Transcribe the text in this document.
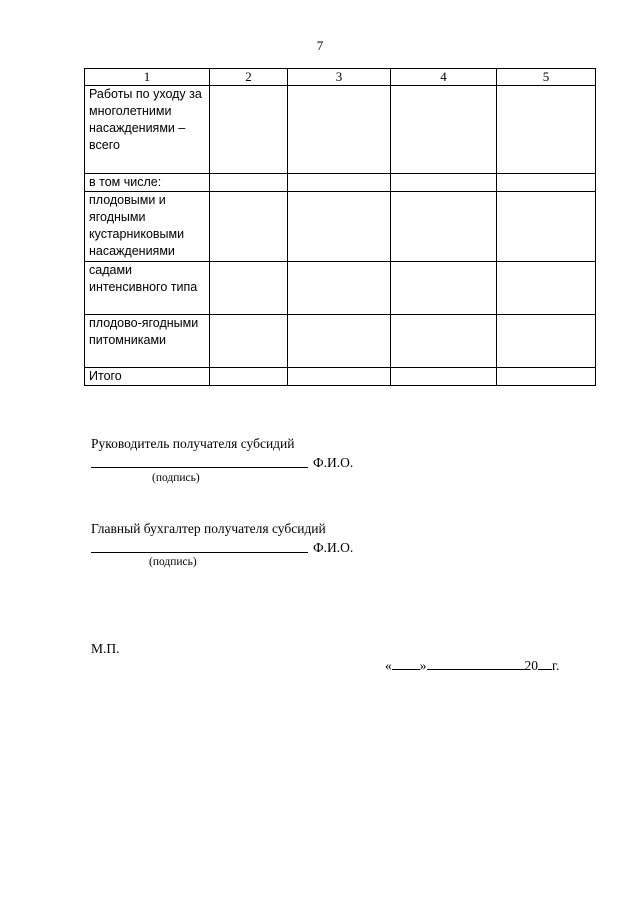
7
1	2	3	4	5
Работы по уходу за многолетними насаждениями – всего				
в том числе:				
плодовыми и ягодными кустарниковыми насаждениями				
садами интенсивного типа				
плодово-ягодными питомниками				
Итого				
Руководитель получателя субсидий
Ф.И.О.
(подпись)
Главный бухгалтер получателя субсидий
Ф.И.О.
(подпись)
М.П.
« »	20 г.
